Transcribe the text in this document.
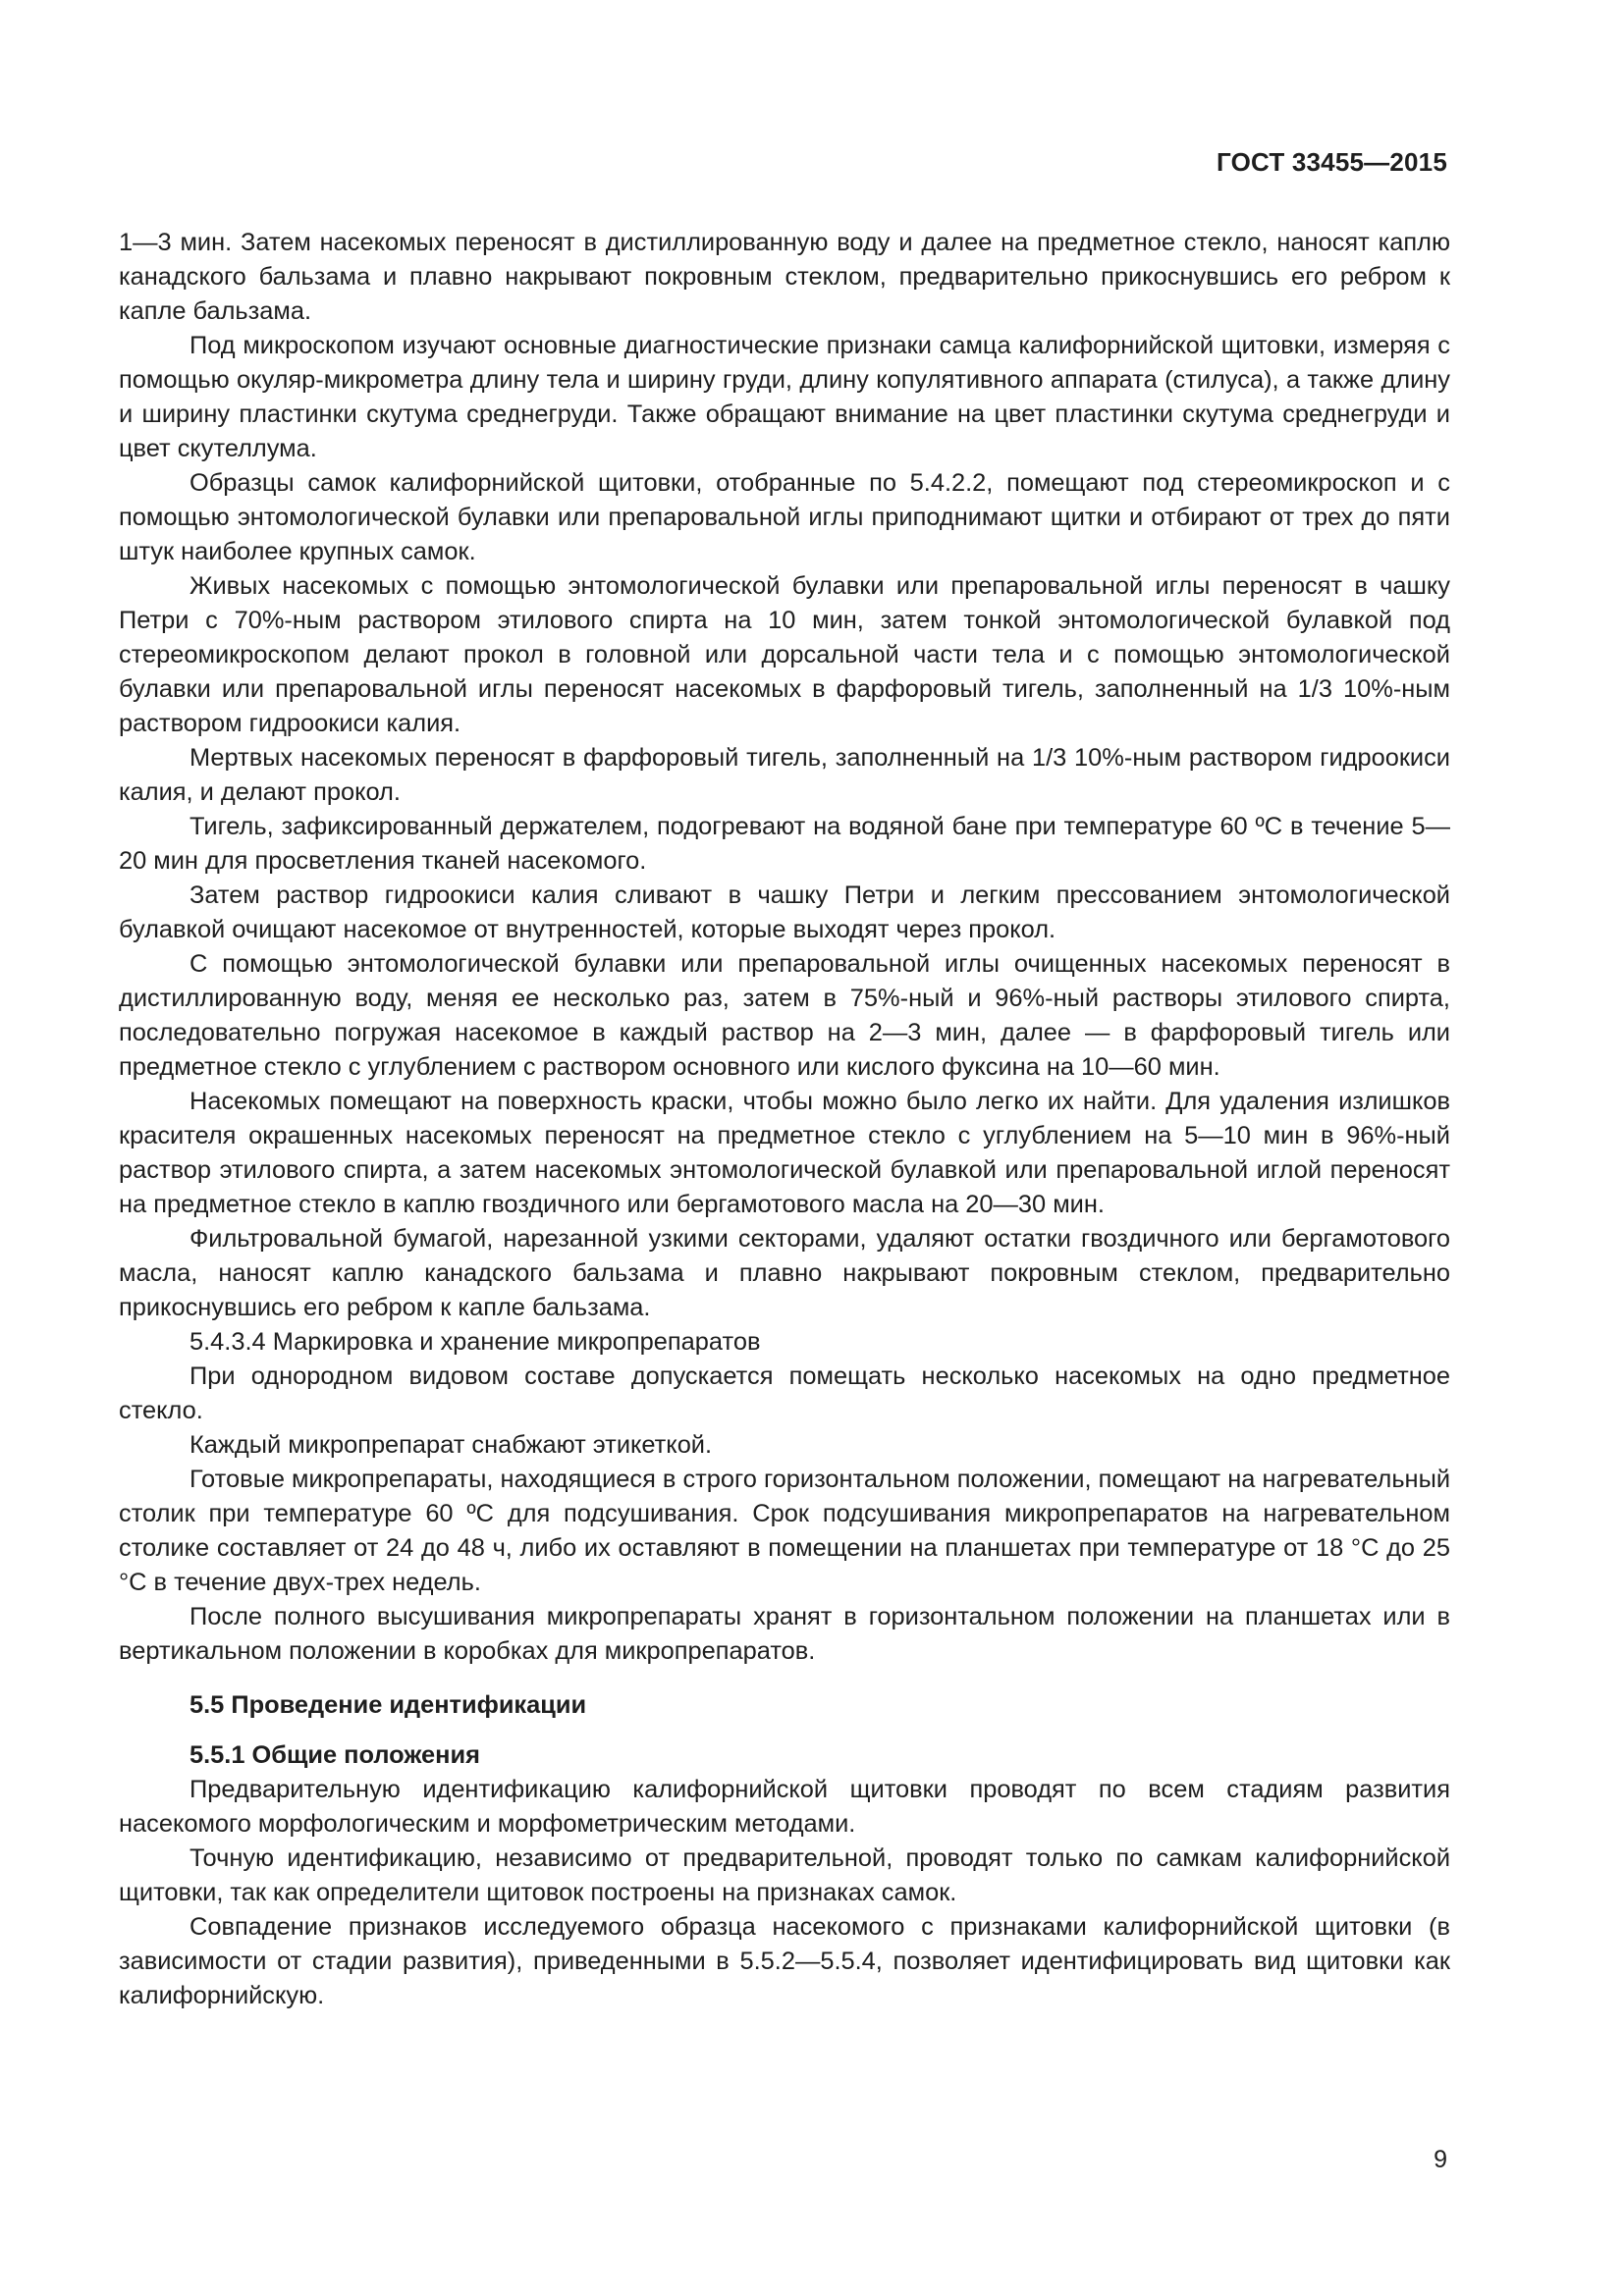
ГОСТ 33455—2015

1—3 мин. Затем насекомых переносят в дистиллированную воду и далее на предметное стекло, наносят каплю канадского бальзама и плавно накрывают покровным стеклом, предварительно прикоснувшись его ребром к капле бальзама.

Под микроскопом изучают основные диагностические признаки самца калифорнийской щитовки, измеряя с помощью окуляр-микрометра длину тела и ширину груди, длину копулятивного аппарата (стилуса), а также длину и ширину пластинки скутума среднегруди. Также обращают внимание на цвет пластинки скутума среднегруди и цвет скутеллума.

Образцы самок калифорнийской щитовки, отобранные по 5.4.2.2, помещают под стереомикроскоп и с помощью энтомологической булавки или препаровальной иглы приподнимают щитки и отбирают от трех до пяти штук наиболее крупных самок.

Живых насекомых с помощью энтомологической булавки или препаровальной иглы переносят в чашку Петри с 70%-ным раствором этилового спирта на 10 мин, затем тонкой энтомологической булавкой под стереомикроскопом делают прокол в головной или дорсальной части тела и с помощью энтомологической булавки или препаровальной иглы переносят насекомых в фарфоровый тигель, заполненный на 1/3 10%-ным раствором гидроокиси калия.

Мертвых насекомых переносят в фарфоровый тигель, заполненный на 1/3 10%-ным раствором гидроокиси калия, и делают прокол.

Тигель, зафиксированный держателем, подогревают на водяной бане при температуре 60 ºС в течение 5—20 мин для просветления тканей насекомого.

Затем раствор гидроокиси калия сливают в чашку Петри и легким прессованием энтомологической булавкой очищают насекомое от внутренностей, которые выходят через прокол.

С помощью энтомологической булавки или препаровальной иглы очищенных насекомых переносят в дистиллированную воду, меняя ее несколько раз, затем в 75%-ный и 96%-ный растворы этилового спирта, последовательно погружая насекомое в каждый раствор на 2—3 мин, далее — в фарфоровый тигель или предметное стекло с углублением с раствором основного или кислого фуксина на 10—60 мин.

Насекомых помещают на поверхность краски, чтобы можно было легко их найти. Для удаления излишков красителя окрашенных насекомых переносят на предметное стекло с углублением на 5—10 мин в 96%-ный раствор этилового спирта, а затем насекомых энтомологической булавкой или препаровальной иглой переносят на предметное стекло в каплю гвоздичного или бергамотового масла на 20—30 мин.

Фильтровальной бумагой, нарезанной узкими секторами, удаляют остатки гвоздичного или бергамотового масла, наносят каплю канадского бальзама и плавно накрывают покровным стеклом, предварительно прикоснувшись его ребром к капле бальзама.

5.4.3.4 Маркировка и хранение микропрепаратов

При однородном видовом составе допускается помещать несколько насекомых на одно предметное стекло.

Каждый микропрепарат снабжают этикеткой.

Готовые микропрепараты, находящиеся в строго горизонтальном положении, помещают на нагревательный столик при температуре 60 ºС для подсушивания. Срок подсушивания микропрепаратов на нагревательном столике составляет от 24 до 48 ч, либо их оставляют в помещении на планшетах при температуре от 18 °С до 25 °С в течение двух-трех недель.

После полного высушивания микропрепараты хранят в горизонтальном положении на планшетах или в вертикальном положении в коробках для микропрепаратов.

5.5 Проведение идентификации
5.5.1 Общие положения

Предварительную идентификацию калифорнийской щитовки проводят по всем стадиям развития насекомого морфологическим и морфометрическим методами.

Точную идентификацию, независимо от предварительной, проводят только по самкам калифорнийской щитовки, так как определители щитовок построены на признаках самок.

Совпадение признаков исследуемого образца насекомого с признаками калифорнийской щитовки (в зависимости от стадии развития), приведенными в 5.5.2—5.5.4, позволяет идентифицировать вид щитовки как калифорнийскую.

9
